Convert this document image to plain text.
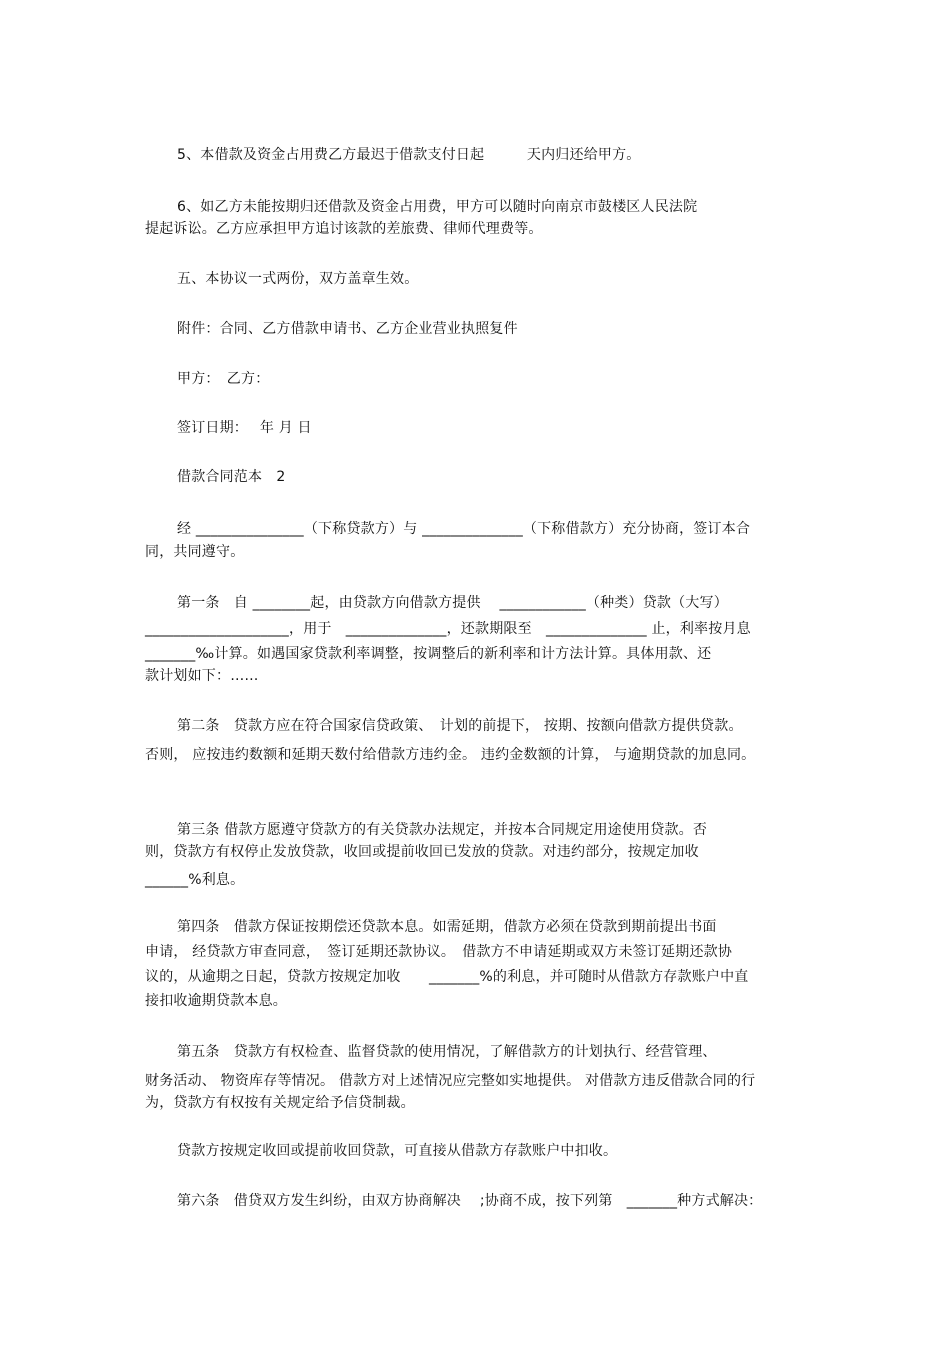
5、本借款及资金占用费乙方最迟于借款支付日起　　　天内归还给甲方。
6、如乙方未能按期归还借款及资金占用费，甲方可以随时向南京市鼓楼区人民法院
提起诉讼。乙方应承担甲方追讨该款的差旅费、律师代理费等。
五、本协议一式两份，双方盖章生效。
附件：合同、乙方借款申请书、乙方企业营业执照复件
甲方：　乙方：
签订日期：　 年 月 日
借款合同范本　2
经 _______________（下称贷款方）与 ______________（下称借款方）充分协商，签订本合
同，共同遵守。
第一条　自 ________起，由贷款方向借款方提供　 ____________（种类）贷款（大写）
____________________，用于　______________，还款期限至　______________ 止，利率按月息
_______‰计算。如遇国家贷款利率调整，按调整后的新利率和计方法计算。具体用款、还
款计划如下：……
第二条　贷款方应在符合国家信贷政策、　计划的前提下， 按期、按额向借款方提供贷款。
否则， 应按违约数额和延期天数付给借款方违约金。 违约金数额的计算， 与逾期贷款的加息同。
第三条 借款方愿遵守贷款方的有关贷款办法规定，并按本合同规定用途使用贷款。否
则，贷款方有权停止发放贷款，收回或提前收回已发放的贷款。对违约部分，按规定加收
______%利息。
第四条　借款方保证按期偿还贷款本息。如需延期，借款方必须在贷款到期前提出书面
申请， 经贷款方审查同意，　签订延期还款协议。　借款方不申请延期或双方未签订延期还款协
议的，从逾期之日起，贷款方按规定加收　　_______%的利息，并可随时从借款方存款账户中直
接扣收逾期贷款本息。
第五条　贷款方有权检查、监督贷款的使用情况，了解借款方的计划执行、经营管理、
财务活动、 物资库存等情况。 借款方对上述情况应完整如实地提供。 对借款方违反借款合同的行
为，贷款方有权按有关规定给予信贷制裁。
贷款方按规定收回或提前收回贷款，可直接从借款方存款账户中扣收。
第六条　借贷双方发生纠纷，由双方协商解决　 ;协商不成，按下列第　_______种方式解决：
